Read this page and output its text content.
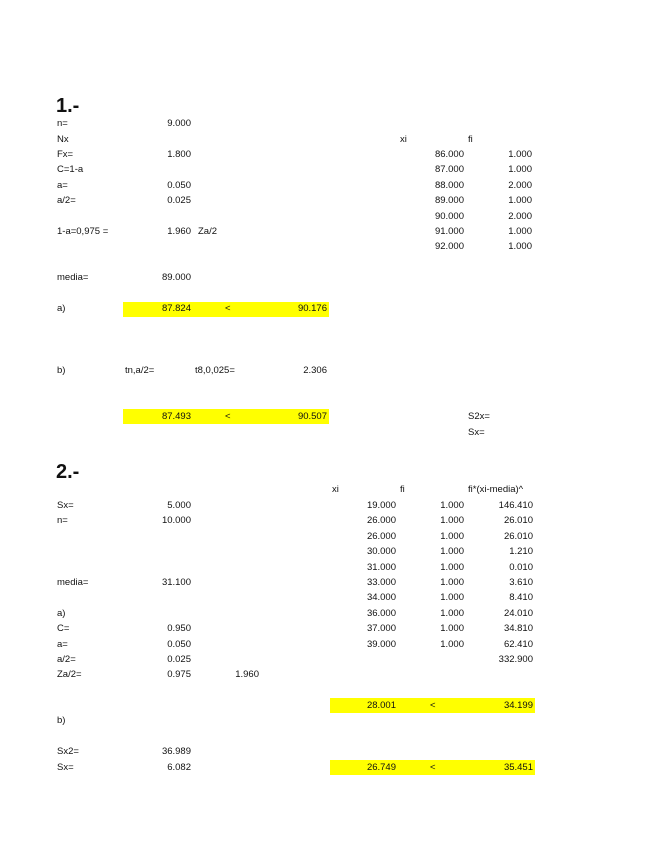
1.-
n=	9.000
Nx
Fx=	1.800
C=1-a
a=	0.050
a/2=	0.025
1-a=0,975 =	1.960 Za/2
media=	89.000
a)	87.824	<	90.176
b)	tn,a/2=	t8,0,025=	2.306
87.493	<	90.507	S2x=
Sx=
xi	fi
86.000	1.000
87.000	1.000
88.000	2.000
89.000	1.000
90.000	2.000
91.000	1.000
92.000	1.000
2.-
Sx=	5.000
n=	10.000
media=	31.100
a)
C=	0.950
a=	0.050
a/2=	0.025
Za/2=	0.975	1.960
28.001	<	34.199
b)
Sx2=	36.989
Sx=	6.082	26.749	<	35.451
xi	fi	fi*(xi-media)^
19.000	1.000	146.410
26.000	1.000	26.010
26.000	1.000	26.010
30.000	1.000	1.210
31.000	1.000	0.010
33.000	1.000	3.610
34.000	1.000	8.410
36.000	1.000	24.010
37.000	1.000	34.810
39.000	1.000	62.410
332.900
